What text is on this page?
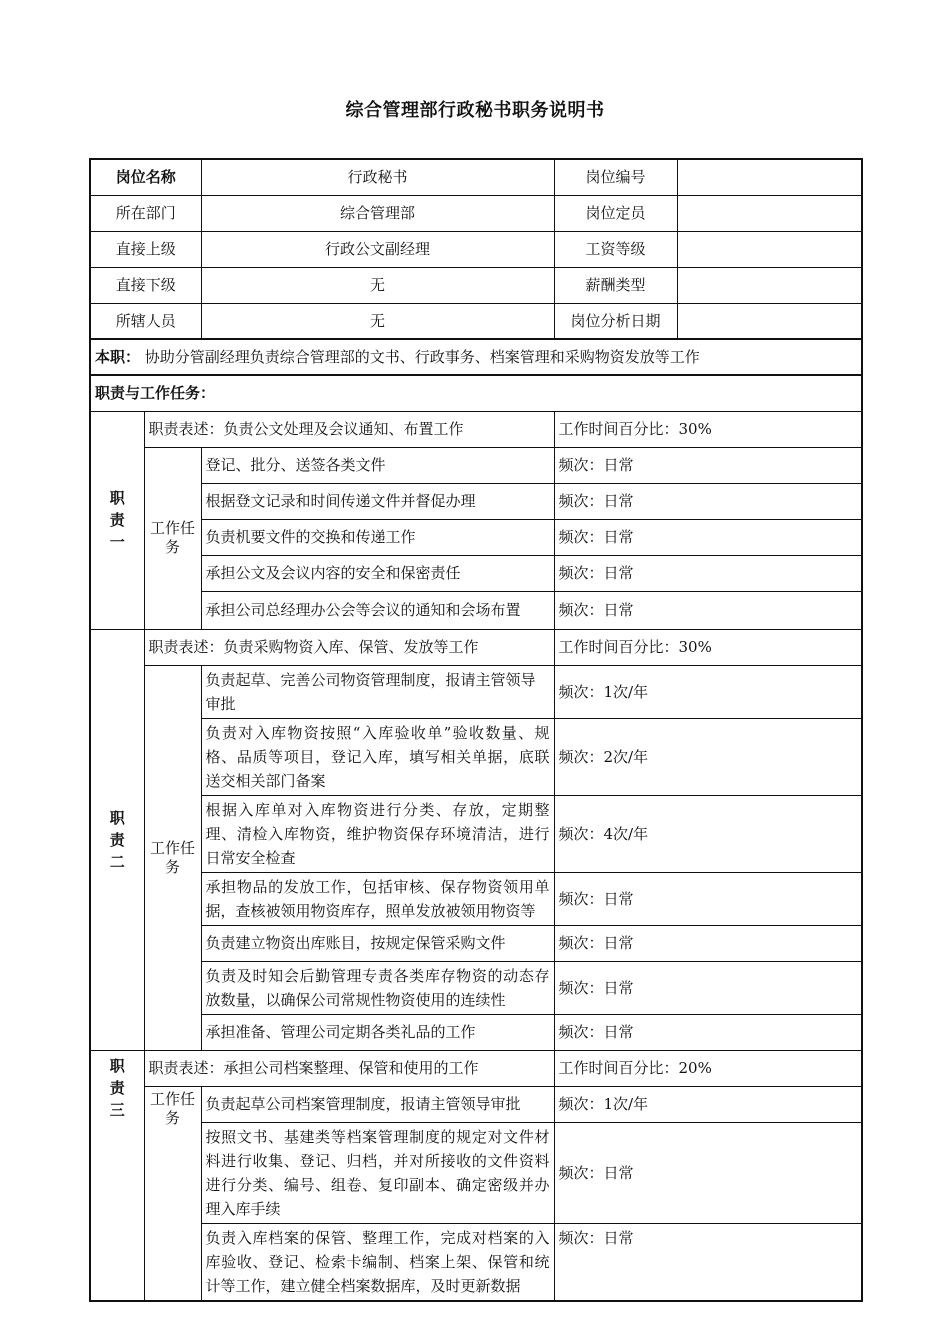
综合管理部行政秘书职务说明书
岗位名称		行政秘书	岗位编号	
所在部门		综合管理部	岗位定员	
直接上级		行政公文副经理	工资等级	
直接下级		无	薪酬类型	
所辖人员		无	岗位分析日期	
本职： 协助分管副经理负责综合管理部的文书、行政事务、档案管理和采购物资发放等工作				
职责与工作任务：				

职
责
一	职责表述：负责公文处理及会议通知、布置工作		工作时间百分比：30%	
	工作任务	登记、批分、送签各类文件	频次：日常	
		根据登文记录和时间传递文件并督促办理	频次：日常	
		负责机要文件的交换和传递工作	频次：日常	
		承担公文及会议内容的安全和保密责任	频次：日常	
		承担公司总经理办公会等会议的通知和会场布置	频次：日常	

职
责
二	职责表述：负责采购物资入库、保管、发放等工作		工作时间百分比：30%	
	工作任务	负责起草、完善公司物资管理制度，报请主管领导审批	频次：1次/年	
		负责对入库物资按照“入库验收单”验收数量、规格、品质等项目，登记入库，填写相关单据，底联送交相关部门备案	频次：2次/年	
		根据入库单对入库物资进行分类、存放，定期整理、清检入库物资，维护物资保存环境清洁，进行日常安全检查	频次：4次/年	
		承担物品的发放工作，包括审核、保存物资领用单据，查核被领用物资库存，照单发放被领用物资等	频次：日常	
		负责建立物资出库账目，按规定保管采购文件	频次：日常	
		负责及时知会后勤管理专责各类库存物资的动态存放数量，以确保公司常规性物资使用的连续性	频次：日常	
		承担准备、管理公司定期各类礼品的工作	频次：日常	

职
责
三	职责表述：承担公司档案整理、保管和使用的工作		工作时间百分比：20%	
	工作任务	负责起草公司档案管理制度，报请主管领导审批	频次：1次/年	
		按照文书、基建类等档案管理制度的规定对文件材料进行收集、登记、归档，并对所接收的文件资料进行分类、编号、组卷、复印副本、确定密级并办理入库手续	频次：日常	
		负责入库档案的保管、整理工作，完成对档案的入库验收、登记、检索卡编制、档案上架、保管和统计等工作，建立健全档案数据库，及时更新数据	频次：日常	
